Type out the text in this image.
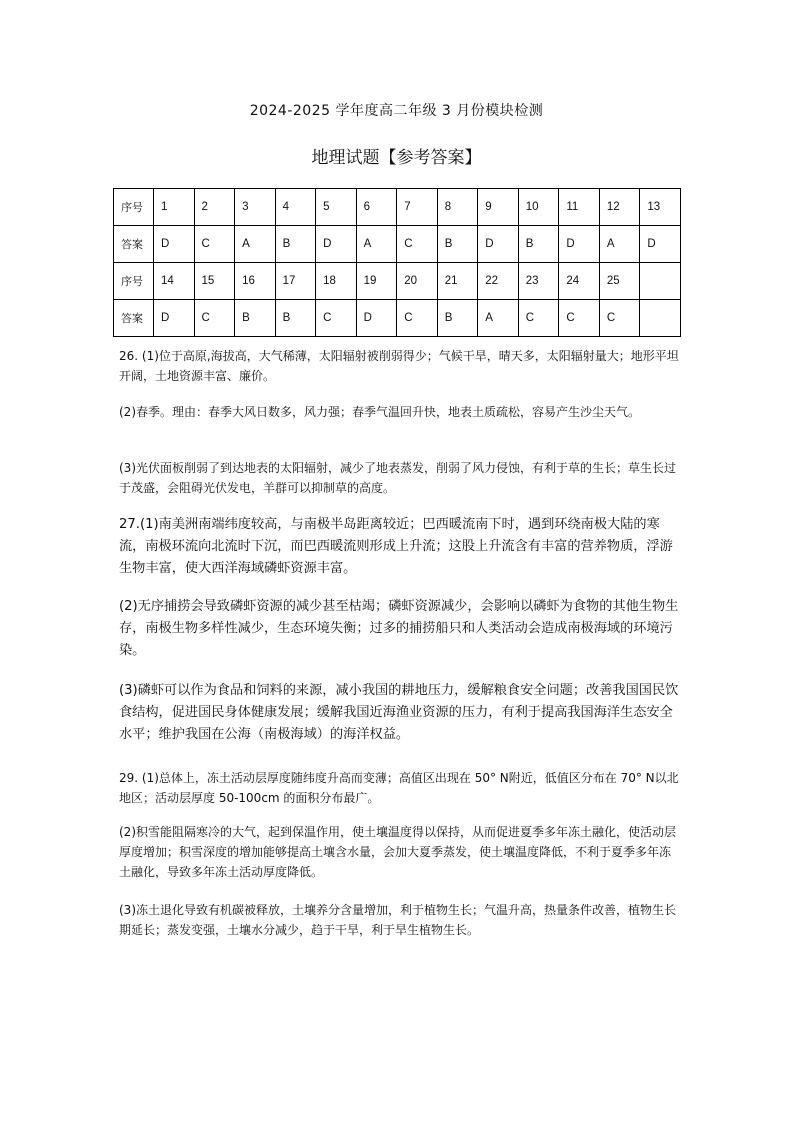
2024-2025 学年度高二年级 3 月份模块检测
地理试题【参考答案】
序号	1	2	3	4	5	6	7	8	9	10	11	12	13
答案	D	C	A	B	D	A	C	B	D	B	D	A	D
序号	14	15	16	17	18	19	20	21	22	23	24	25	
答案	D	C	B	B	C	D	C	B	A	C	C	C	
26. (1)位于高原,海拔高，大气稀薄，太阳辐射被削弱得少；气候干旱，晴天多，太阳辐射量大；地形平坦开阔，土地资源丰富、廉价。
(2)春季。理由：春季大风日数多，风力强；春季气温回升快，地表土质疏松，容易产生沙尘天气。
(3)光伏面板削弱了到达地表的太阳辐射，减少了地表蒸发，削弱了风力侵蚀，有利于草的生长；草生长过于茂盛，会阻碍光伏发电，羊群可以抑制草的高度。
27.(1)南美洲南端纬度较高，与南极半岛距离较近；巴西暖流南下时，遇到环绕南极大陆的寒流，南极环流向北流时下沉，而巴西暖流则形成上升流；这股上升流含有丰富的营养物质，浮游生物丰富，使大西洋海域磷虾资源丰富。
(2)无序捕捞会导致磷虾资源的减少甚至枯竭；磷虾资源减少，会影响以磷虾为食物的其他生物生存，南极生物多样性减少，生态环境失衡；过多的捕捞船只和人类活动会造成南极海域的环境污染。
(3)磷虾可以作为食品和饲料的来源，减小我国的耕地压力，缓解粮食安全问题；改善我国国民饮食结构，促进国民身体健康发展；缓解我国近海渔业资源的压力，有利于提高我国海洋生态安全水平；维护我国在公海（南极海域）的海洋权益。
29. (1)总体上，冻土活动层厚度随纬度升高而变薄；高值区出现在 50° N附近，低值区分布在 70° N以北地区；活动层厚度 50-100cm 的面积分布最广。
(2)积雪能阻隔寒冷的大气，起到保温作用，使土壤温度得以保持，从而促进夏季多年冻土融化，使活动层厚度增加；积雪深度的增加能够提高土壤含水量，会加大夏季蒸发，使土壤温度降低，不利于夏季多年冻土融化，导致多年冻土活动厚度降低。
(3)冻土退化导致有机碳被释放，土壤养分含量增加，利于植物生长；气温升高，热量条件改善，植物生长期延长；蒸发变强，土壤水分减少，趋于干旱，利于旱生植物生长。
